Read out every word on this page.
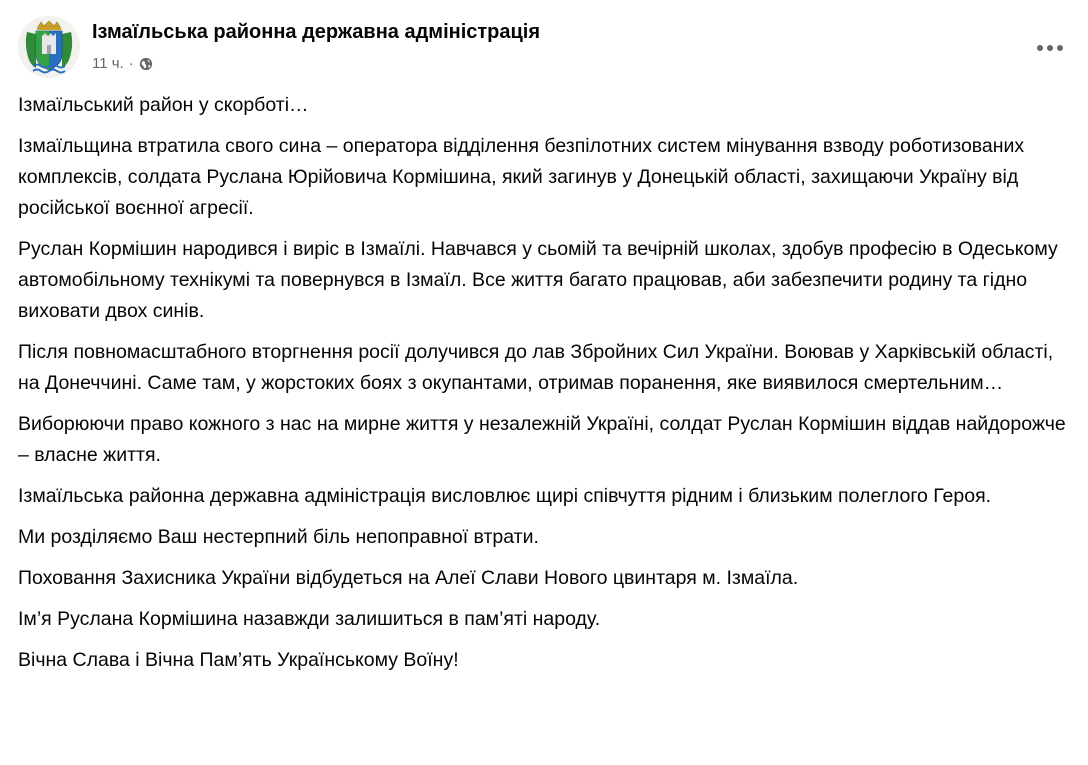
Ізмаїльська районна державна адміністрація
11 ч. ·

Ізмаїльський район у скорботі…

Ізмаїльщина втратила свого сина – оператора відділення безпілотних систем мінування взводу роботизованих комплексів, солдата Руслана Юрійовича Кормішина, який загинув у Донецькій області, захищаючи Україну від російської воєнної агресії.

Руслан Кормішин народився і виріс в Ізмаїлі. Навчався у сьомій та вечірній школах, здобув професію в Одеському автомобільному технікумі та повернувся в Ізмаїл. Все життя багато працював, аби забезпечити родину та гідно виховати двох синів.

Після повномасштабного вторгнення росії долучився до лав Збройних Сил України. Воював у Харківській області, на Донеччині. Саме там, у жорстоких боях з окупантами, отримав поранення, яке виявилося смертельним…

Виборюючи право кожного з нас на мирне життя у незалежній Україні, солдат Руслан Кормішин віддав найдорожче – власне життя.

Ізмаїльська районна державна адміністрація висловлює щирі співчуття рідним і близьким полеглого Героя.

Ми розділяємо Ваш нестерпний біль непоправної втрати.

Поховання Захисника України відбудеться на Алеї Слави Нового цвинтаря м. Ізмаїла.

Ім’я Руслана Кормішина назавжди залишиться в пам’яті народу.

Вічна Слава і Вічна Пам’ять Українському Воїну!
